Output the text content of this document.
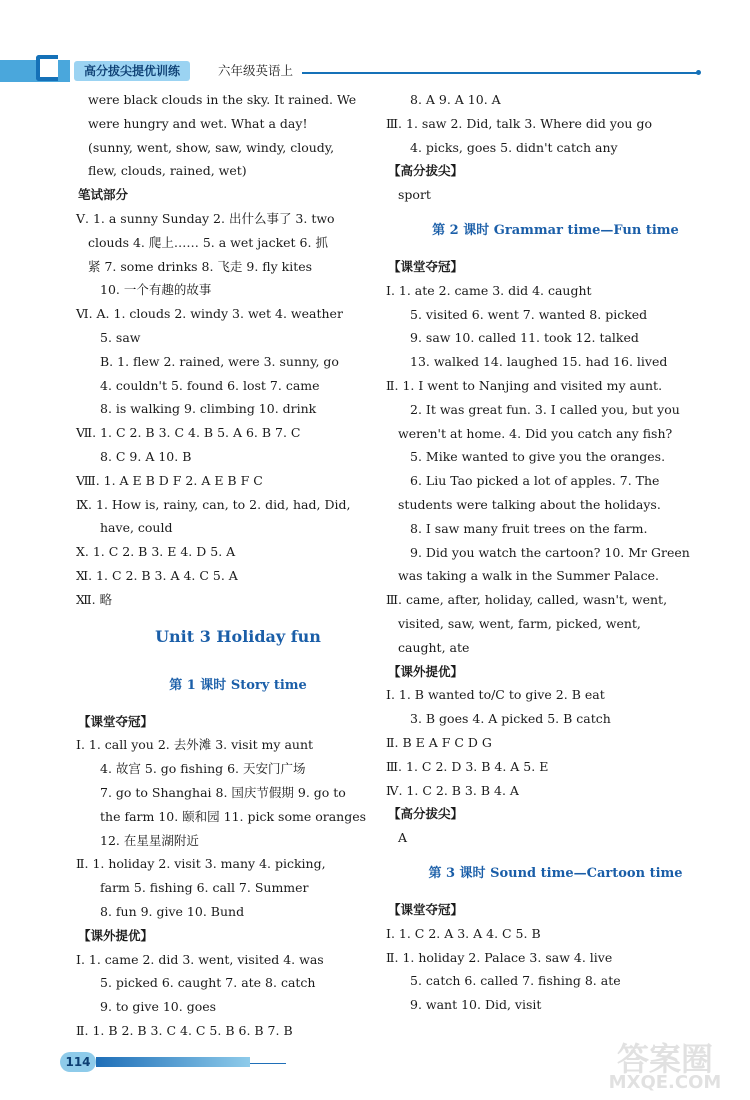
高分拔尖提优训练	六年级英语上
were black clouds in the sky. It rained. We
were hungry and wet. What a day!
(sunny, went, show, saw, windy, cloudy,
flew, clouds, rained, wet)
笔试部分
Ⅴ. 1. a sunny Sunday 2. 出什么事了 3. two
clouds 4. 爬上…… 5. a wet jacket 6. 抓
紧 7. some drinks 8. 飞走 9. fly kites
10. 一个有趣的故事
Ⅵ. A. 1. clouds 2. windy 3. wet 4. weather
5. saw
B. 1. flew 2. rained, were 3. sunny, go
4. couldn't 5. found 6. lost 7. came
8. is walking 9. climbing 10. drink
Ⅶ. 1. C 2. B 3. C 4. B 5. A 6. B 7. C
8. C 9. A 10. B
Ⅷ. 1. A E B D F 2. A E B F C
Ⅸ. 1. How is, rainy, can, to 2. did, had, Did,
have, could
Ⅹ. 1. C 2. B 3. E 4. D 5. A
Ⅺ. 1. C 2. B 3. A 4. C 5. A
Ⅻ. 略
Unit 3 Holiday fun
第 1 课时 Story time
【课堂夺冠】
Ⅰ. 1. call you 2. 去外滩 3. visit my aunt
4. 故宫 5. go fishing 6. 天安门广场
7. go to Shanghai 8. 国庆节假期 9. go to
the farm 10. 颐和园 11. pick some oranges
12. 在星星湖附近
Ⅱ. 1. holiday 2. visit 3. many 4. picking,
farm 5. fishing 6. call 7. Summer
8. fun 9. give 10. Bund
【课外提优】
Ⅰ. 1. came 2. did 3. went, visited 4. was
5. picked 6. caught 7. ate 8. catch
9. to give 10. goes
Ⅱ. 1. B 2. B 3. C 4. C 5. B 6. B 7. B
8. A 9. A 10. A
Ⅲ. 1. saw 2. Did, talk 3. Where did you go
4. picks, goes 5. didn't catch any
【高分拔尖】
sport
第 2 课时 Grammar time—Fun time
【课堂夺冠】
Ⅰ. 1. ate 2. came 3. did 4. caught
5. visited 6. went 7. wanted 8. picked
9. saw 10. called 11. took 12. talked
13. walked 14. laughed 15. had 16. lived
Ⅱ. 1. I went to Nanjing and visited my aunt.
2. It was great fun. 3. I called you, but you
weren't at home. 4. Did you catch any fish?
5. Mike wanted to give you the oranges.
6. Liu Tao picked a lot of apples. 7. The
students were talking about the holidays.
8. I saw many fruit trees on the farm.
9. Did you watch the cartoon? 10. Mr Green
was taking a walk in the Summer Palace.
Ⅲ. came, after, holiday, called, wasn't, went,
visited, saw, went, farm, picked, went,
caught, ate
【课外提优】
Ⅰ. 1. B wanted to/C to give 2. B eat
3. B goes 4. A picked 5. B catch
Ⅱ. B E A F C D G
Ⅲ. 1. C 2. D 3. B 4. A 5. E
Ⅳ. 1. C 2. B 3. B 4. A
【高分拔尖】
A
第 3 课时 Sound time—Cartoon time
【课堂夺冠】
Ⅰ. 1. C 2. A 3. A 4. C 5. B
Ⅱ. 1. holiday 2. Palace 3. saw 4. live
5. catch 6. called 7. fishing 8. ate
9. want 10. Did, visit
114	答案圈
MXQE.COM
